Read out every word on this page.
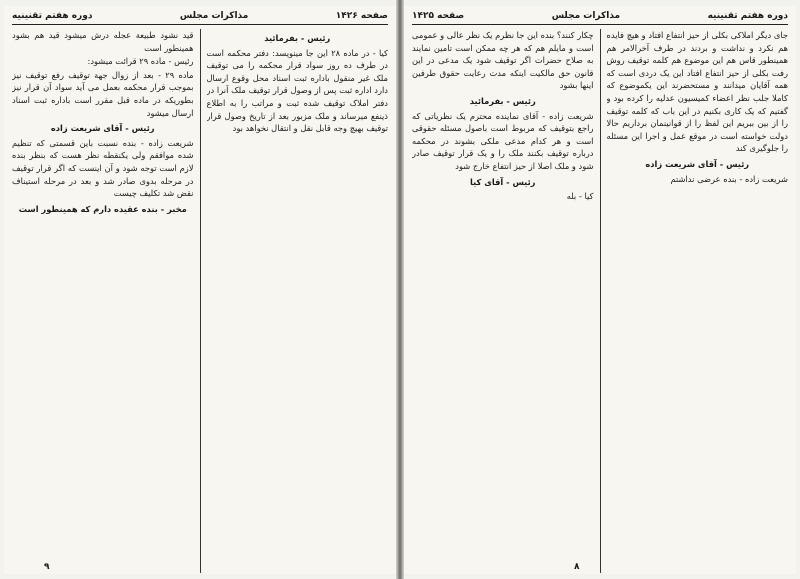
صفحه ۱۴۲۶
مذاکرات مجلس
دوره هفتم تقنینیه
رئیس - بفرمائید

کیا - در ماده ۲۸ این جا مینویسد: دفتر محکمه است در طرف ده روز سواد قرار محکمه را می توقیف ملک غیر منقول باداره ثبت اسناد محل وقوع ارسال دارد اداره ثبت پس از وصول قرار توقیف ملک آنرا در دفتر املاک توقیف شده ثبت و مراتب را به اطلاع ذینفع میرساند و ملک مزبور بعد از تاریخ وصول قرار توقیف بهیچ وجه قابل نقل و انتقال نخواهد بود

قید نشود طبیعة عجله درش میشود قید هم بشود همینطور است

رئیس - ماده ۲۹ قرائت میشود:

ماده ۲۹ - بعد از زوال جهة توقیف رفع توقیف نیز بموجب قرار محکمه بعمل می آید سواد آن قرار نیز بطوریکه در ماده قبل مقرر است باداره ثبت اسناد ارسال میشود

رئیس - آقای شریعت زاده

شریعت زاده - بنده نسبت باین قسمتی که تنظیم شده موافقم ولی یکنقطه نظر هست که بنظر بنده لازم است توجه شود و آن اینست که اگر قرار توقیف در مرحله بدوی صادر شد و بعد در مرحله استیناف نقض شد تکلیف چیست

مخبر - بنده عقیده دارم که همینطور است
۹
دوره هفتم تقنینیه
مذاکرات مجلس
صفحه ۱۴۲۵

جای دیگر املاکی بکلی از حیز انتفاع افتاد و هیچ فایده هم نکرد و نداشت و بردند در طرف آخرالامر هم همینطور قاس هم این موضوع هم کلمه توقیف روش رفت بکلی از حیز انتفاع افتاد این یک دردی است که همه آقایان میدانند و مستحضرند این یکموضوع که کاملا جلب نظر اعضاء کمیسیون عدلیه را کرده بود و گفتیم که یک کاری بکنیم در این باب که کلمه توقیف را از بین ببریم این لفظ را از قوانینمان برداریم حالا دولت خواسته است در موقع عمل و اجرا این مسئله را جلوگیری کند

رئیس - آقای شریعت زاده

شریعت زاده - بنده عرضی نداشتم

چکار کنند؟ بنده این جا نظرم یک نظر عالی و عمومی است و مایلم هم که هر چه ممکن است تامین نمایند به صلاح حضرات اگر توقیف شود یک مدعی در این قانون حق مالکیت اینکه مدت رعایت حقوق طرفین اینها بشود

رئیس - بفرمائید

شریعت زاده - آقای نماینده محترم یک نظریاتی که راجع بتوقیف که مربوط است باصول مسئله حقوقی است و هر کدام مدعی ملکی بشوند در محکمه درباره توقیف بکنند ملک را و یک قرار توقیف صادر شود و ملک اصلا از حیز انتفاع خارج شود

رئیس - آقای کیا

کیا - بله

۸
